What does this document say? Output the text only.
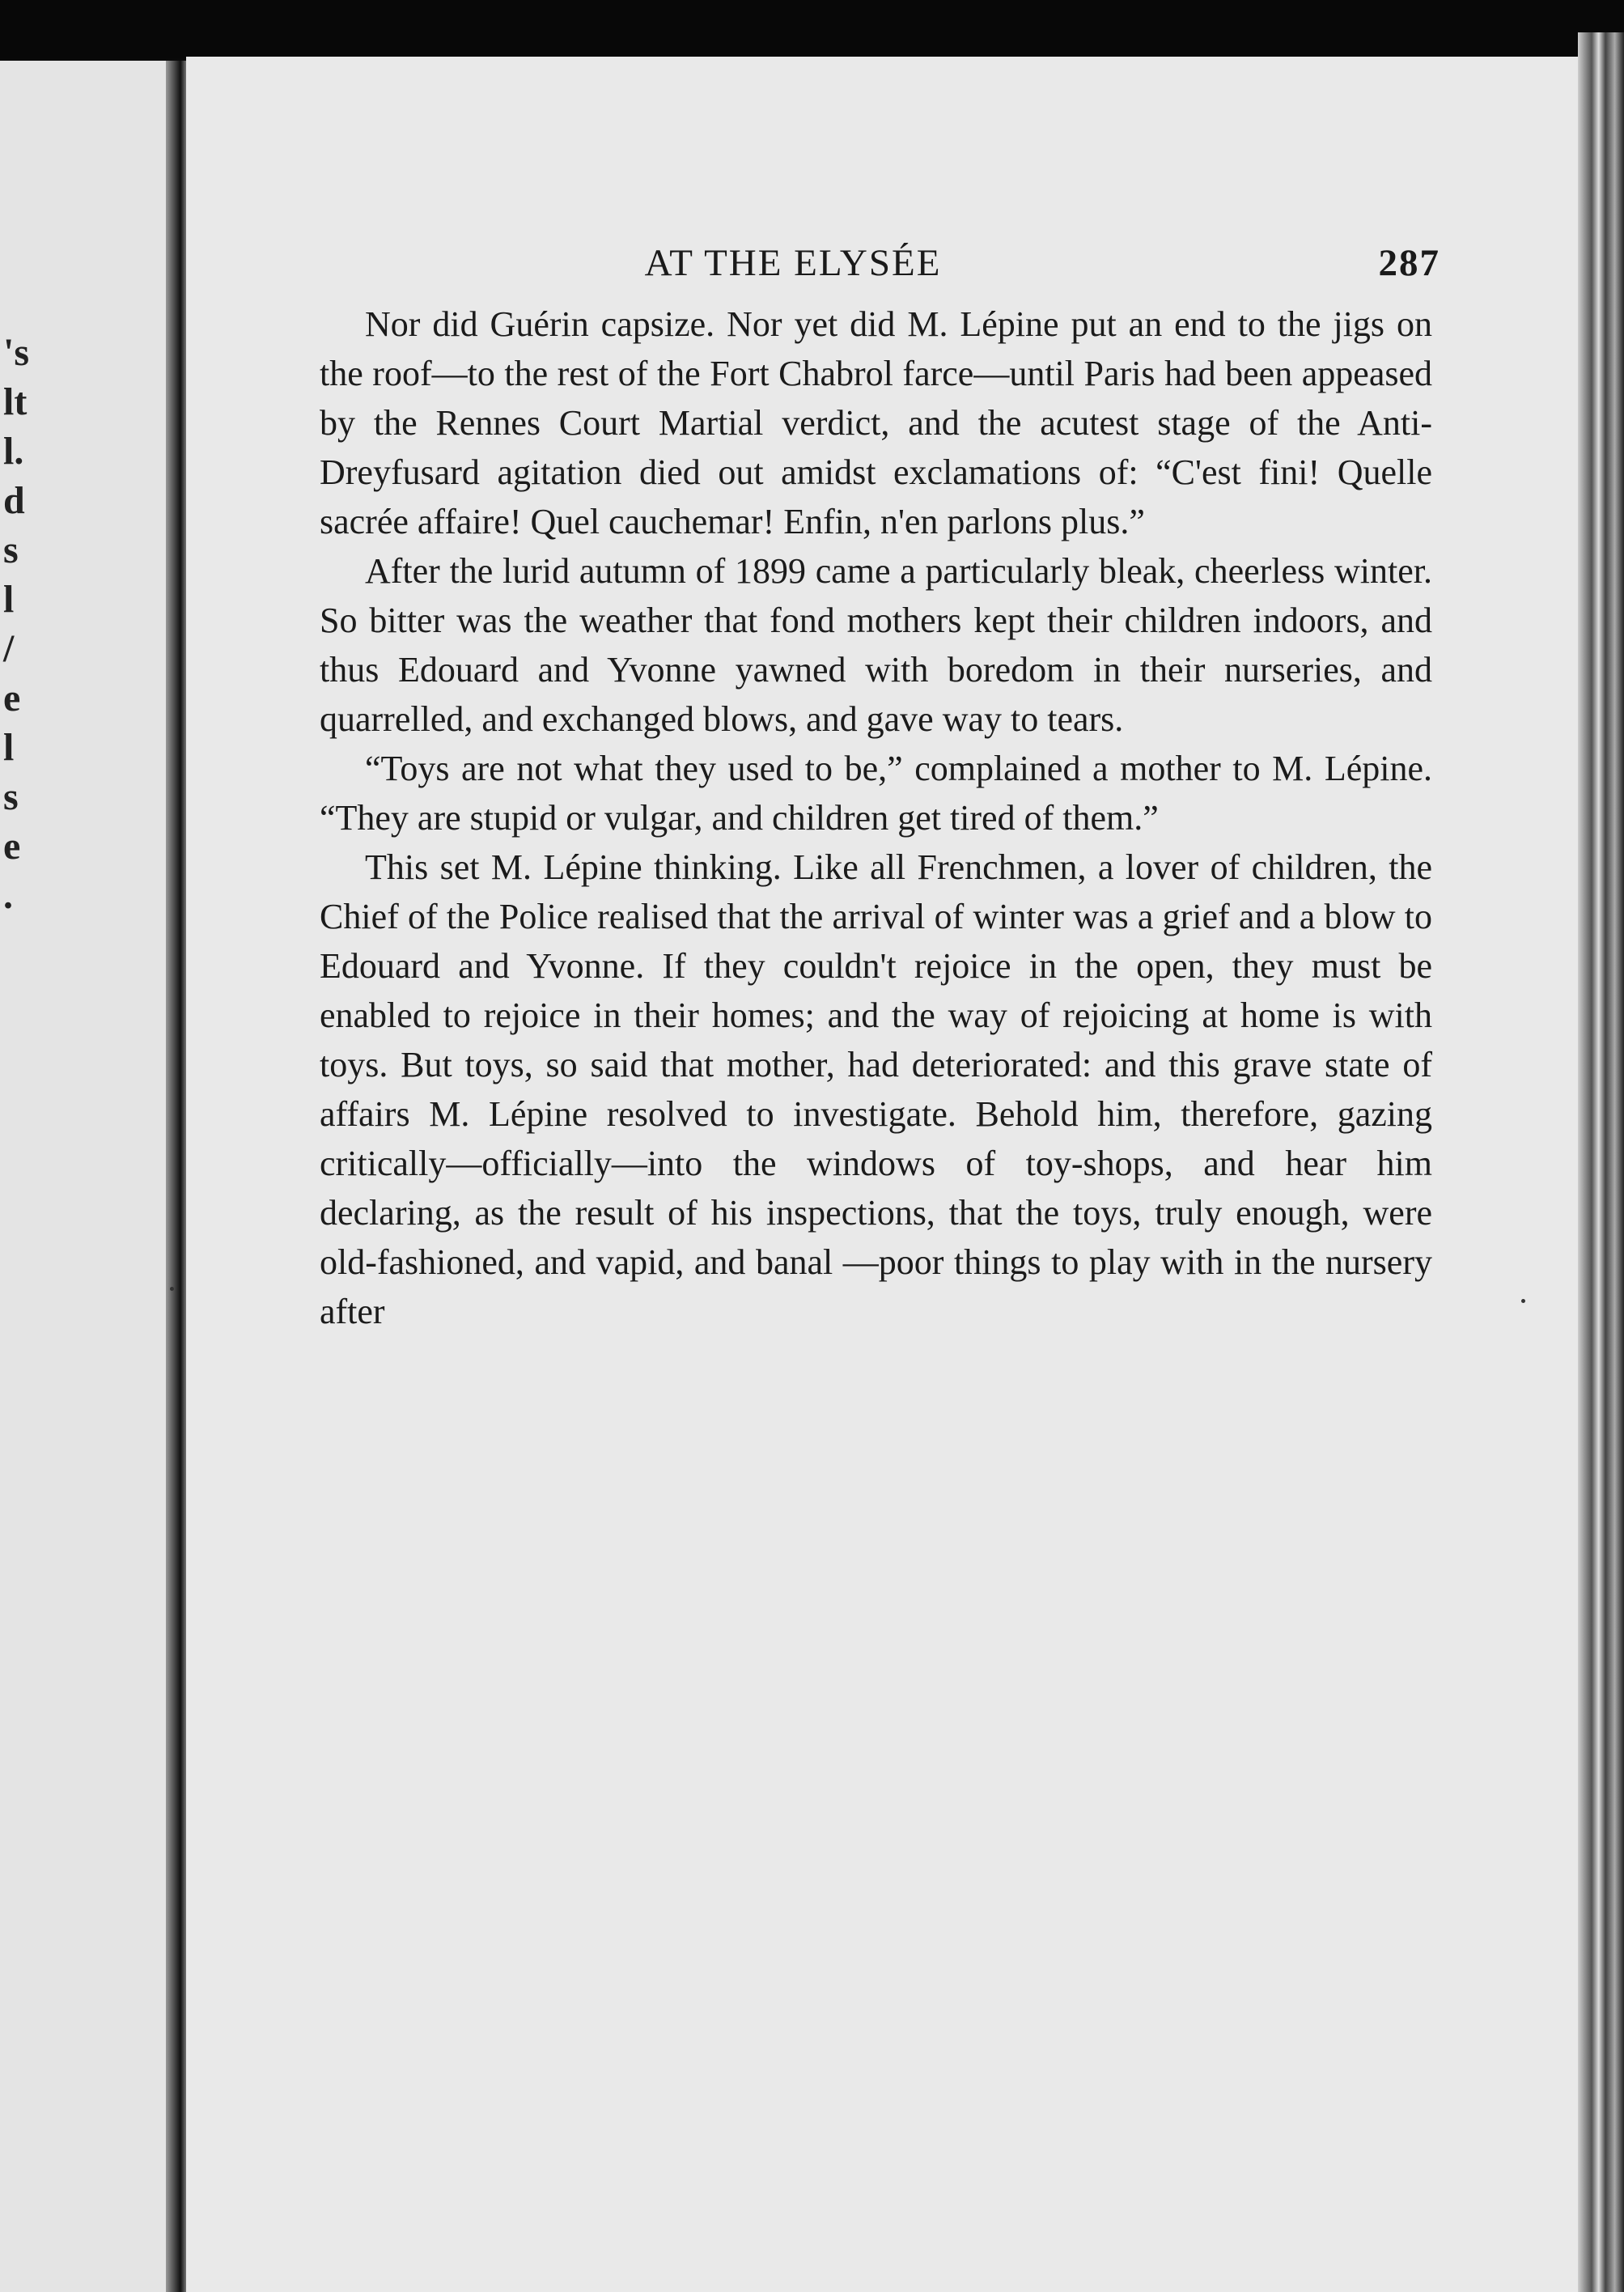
's
lt
l.
d
s
l
/
e
l
s
e
.
AT THE ELYSÉE	287

Nor did Guérin capsize. Nor yet did M. Lépine put an end to the jigs on the roof—to the rest of the Fort Chabrol farce—until Paris had been appeased by the Rennes Court Martial verdict, and the acutest stage of the Anti-Dreyfusard agitation died out amidst exclamations of: “C'est fini! Quelle sacrée affaire! Quel cauchemar! Enfin, n'en parlons plus.”

After the lurid autumn of 1899 came a particularly bleak, cheerless winter. So bitter was the weather that fond mothers kept their children indoors, and thus Edouard and Yvonne yawned with boredom in their nurseries, and quarrelled, and exchanged blows, and gave way to tears.

“Toys are not what they used to be,” complained a mother to M. Lépine. “They are stupid or vulgar, and children get tired of them.”

This set M. Lépine thinking. Like all Frenchmen, a lover of children, the Chief of the Police realised that the arrival of winter was a grief and a blow to Edouard and Yvonne. If they couldn't rejoice in the open, they must be enabled to rejoice in their homes; and the way of rejoicing at home is with toys. But toys, so said that mother, had deteriorated: and this grave state of affairs M. Lépine resolved to investigate. Behold him, therefore, gazing critically—officially—into the windows of toy-shops, and hear him declaring, as the result of his inspections, that the toys, truly enough, were old-fashioned, and vapid, and banal —poor things to play with in the nursery after
